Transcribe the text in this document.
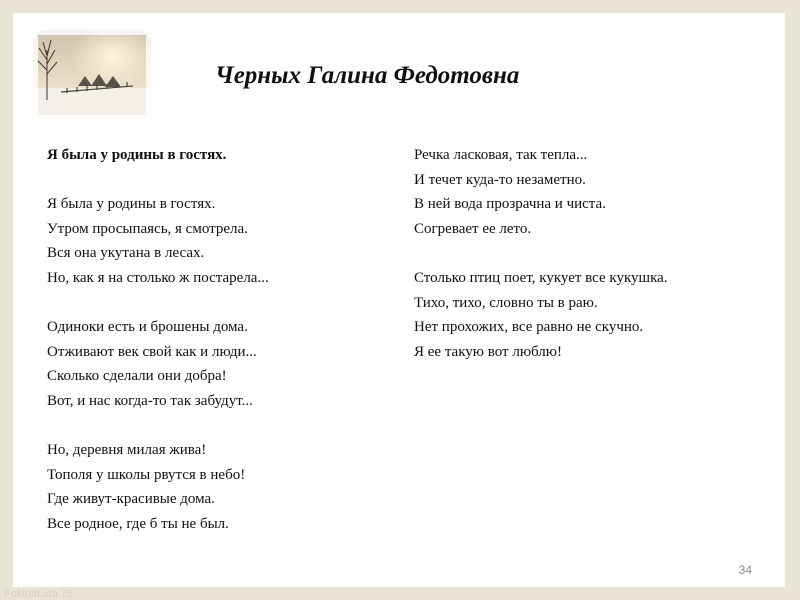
Черных Галина Федотовна
Я была у родины в гостях.
Я была у родины в гостях.
Утром просыпаясь, я смотрела.
Вся она укутана в лесах.
Но, как я на столько ж постарела...
Одиноки есть и брошены дома.
Отживают век свой как и люди...
Сколько сделали они добра!
Вот, и нас когда-то так забудут...
Но, деревня милая жива!
Тополя у школы рвутся в небо!
Где живут-красивые дома.
Все родное, где б ты не был.
Речка ласковая, так тепла...
И течет куда-то незаметно.
В ней вода прозрачна и чиста.
Согревает ее лето.
Столько птиц поет, кукует все кукушка.
Тихо, тихо, словно ты в раю.
Нет прохожих, все равно не скучно.
Я ее такую вот люблю!
34
FokinaLida.75
